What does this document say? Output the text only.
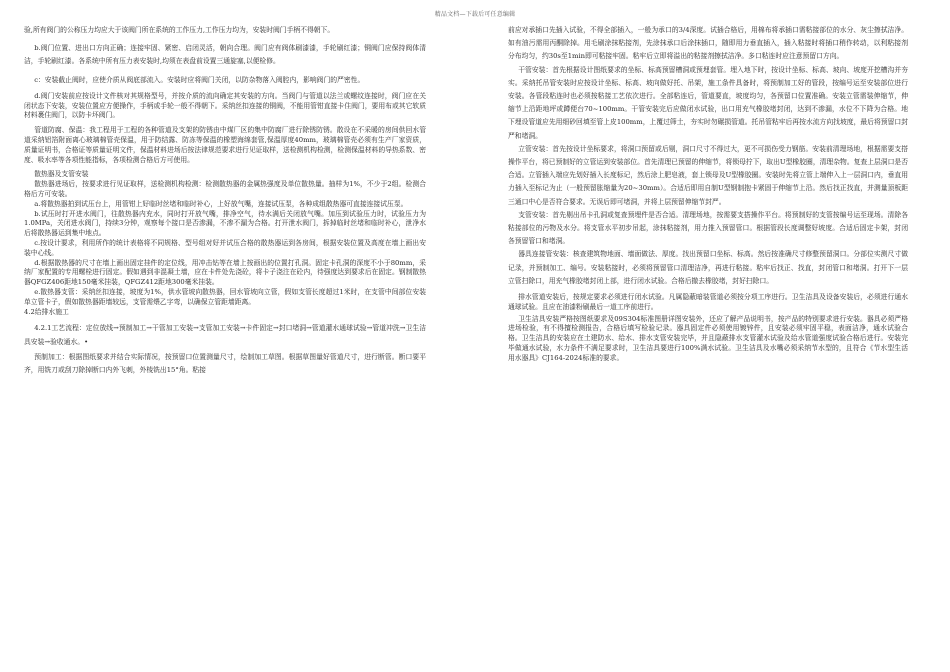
精品文档—下载后可任意编辑

验,所有阀门的公称压力均应大于该阀门所在系统的工作压力,工作压力均为，安装时阀门手柄不得朝下。

b.阀门位置、进出口方向正确；连接牢固、紧密、启闭灵活，朝向合理。阀门应有阀体刷漆漆，手轮刷红漆；铜阀门应保持阀体清洁，手轮刷红漆。各系统中所有压力表安装时,均须在表盘前设置三通旋塞,以便检修。

c：安装截止阀时，应使介质从阀底部流入。安装时应将阀门关闭，以防杂物落入阀腔内，影响阀门的严密性。

d.阀门安装前应按设计文件核对其规格型号，并按介质的流向确定其安装的方向。当阀门与管道以法兰或螺纹连接时，阀门应在关闭状态下安装，安装位置应方便操作，手柄或手轮一般不得朝下。采纳丝扣连接的铜阀，不能用管钳直接卡住阀门，要用布或其它软质材料裹住阀门，以防卡坏阀门。

管道防腐、保温：我工程用于工程的各种管道及支架的防锈由中煤厂区的集中防腐厂进行除锈防锈。散设在不采暖的房间供回水管道采纳铝箔附面离心玻璃棉管壳保温，用于防结露、防冻等保温的橡塑海绵套管,保温厚度40mm，玻璃棉管壳必须有生产厂家资质，质量证明书，合格证等质量证明文件，保温材料进场后按法律规范要求进行见证取样，送检测机构检测，检测保温材料的导热系数、密度、吸水率等各项性能指标，各项检测合格后方可使用。

散热器及支管安装

散热器进场后，按要求进行见证取样，送检测机构检测：检测散热器的金属热强度及单位散热量。抽样为1%，不少于2组。检测合格后方可安装。

a.将散热器拍到试压台上，用管钳上好临时丝堵和临时补心，上好放气嘴，连接试压泵，各种成组散热器可直接连接试压泵。

b.试压时打开进水阀门，往散热器内充水，同时打开放气嘴，排净空气，待水满后关闭放气嘴。加压到试验压力时，试验压力为1.0MPa，关闭进水阀门，持续3分钟，观察每个接口是否渗漏，不渗不漏为合格。打开泄水阀门，拆掉临时丝堵和临时补心，泄净水后将散热器运到集中地点。

c.按设计要求，利用所作的统计表格将不同规格、型号组对好并试压合格的散热器运到各房间，根据安装位置及高度在墙上画出安装中心线。

d.根据散热器的尺寸在墙上画出固定挂件的定位线，用冲击钻等在墙上按画出的位置打孔洞。固定卡孔洞的深度不小于80mm，采纳厂家配置的专用螺栓进行固定。假如遇到非混凝土墙，应在卡件处先浇砼，将卡子浇注在砼内，待强度达到要求后在固定。钢制散热器QFGZ406距地150毫米挂装，QFGZ412距地300毫米挂装。

e.散热器支管：采纳丝扣连接，坡度为1%，供水管坡向散热器，回水管坡向立管，假如支管长度超过1米时，在支管中间部位安装单立管卡子，假如散热器距墙较远，支管需煨乙字弯，以确保立管距墙距离。

4.2给排水施工

4.2.1工艺流程：定位放线→预制加工→干管加工安装→支管加工安装→卡件固定→封口堵洞→管道灌水通球试验→管道冲洗→卫生洁具安装→验收通水。•

预制加工：根据图纸要求并结合实际情况，按预留口位置测量尺寸，绘制加工草图。根据草图量好管道尺寸，进行断管。断口要平齐，用铣刀或刮刀除掉断口内外飞刺，外棱铣出15°角。粘接

前应对承插口先插入试验，不得全部插入，一般为承口的3/4深度。试插合格后，用棉布将承插口需粘接部位的水分、灰尘擦拭洁净。如有油污需用丙酮除掉。用毛刷涂抹粘接剂，先涂抹承口后涂抹插口，随即用力垂直插入，插入粘接时将插口稍作转动，以利粘接剂分布均匀，约30s至1min即可粘接牢固。粘牢后立即将溢出的粘接剂擦拭洁净。多口粘连时应注意预留口方向。

干管安装：首先根据设计图纸要求的坐标、标高预留槽洞或预埋套管。埋入地下时，按设计坐标、标高、坡向、坡度开挖槽沟并夯实。采纳托吊管安装时应按设计坐标、标高、坡向做好托、吊架，施工条件具备时，将预制加工好的管段，按编号运至安装部位进行安装。各管段粘连时也必须按粘接工艺依次进行。全部粘连后，管道要直，坡度均匀，各预留口位置准确。安装立管需装伸缩节，伸缩节上沿距地坪或蹲便台70~100mm。干管安装完后应做闭水试验，出口用充气橡胶堵封闭，达到不渗漏，水位不下降为合格。地下埋设管道应先用细砂回填至管上皮100mm，上覆过筛土，夯实时勿碾损管道。托吊管粘牢后再按水流方向找坡度，最后将预留口封严和堵洞。

立管安装：首先按设计坐标要求，将洞口预留或后剔，洞口尺寸不得过大，更不可损伤受力钢筋。安装前清理场地，根据需要支搭操作平台，将已预制好的立管运到安装部位。首先清理已预留的伸缩节，将锁母拧下，取出U型橡胶圈，清理杂物。复查上层洞口是否合适。立管插入端应先划好插入长度标记，然后涂上肥皂液，套上锁母及U型橡胶圈。安装时先将立管上端伸入上一层洞口内，垂直用力插入至标记为止（一般预留胀缩量为20~30mm）。合适后即用自制U型钢制抱卡紧固于伸缩节上沿。然后找正找直，并测量顶板距三通口中心是否符合要求。无误后即可堵洞，并将上层预留伸缩节封严。

支管安装：首先剔出吊卡孔洞或复查预埋件是否合适。清理场地，按需要支搭操作平台。将预制好的支管按编号运至现场。清除各粘接部位的污物及水分。将支管水平初步吊起，涂抹粘接剂，用力推入预留管口。根据管段长度调整好坡度。合适后固定卡架，封闭各预留管口和堵洞。

器具连接管安装：核查建筑物地面、墙面做法、厚度。找出预留口坐标、标高。然后按准确尺寸修整预留洞口。分部位实测尺寸做记录，并预制加工、编号。安装粘接时，必须将预留管口清理洁净，再进行粘接。粘牢后找正、找直，封闭管口和堵洞。打开下一层立管扫除口，用充气橡胶堵封闭上部，进行闭水试验。合格后撤去橡胶堵，封好扫除口。

排水管道安装后，按规定要求必须进行闭水试验。凡属隐蔽暗装管道必须按分项工序进行。卫生洁具及设备安装后，必须进行通水通球试验。且应在油漆粉刷最后一道工序前进行。

卫生洁具安装严格按图纸要求及09S304标准图册详图安装外，还应了解产品说明书，按产品的特别要求进行安装。器具必须严格进场检验，有不得擅检测报告，合格后填写检验记录。器具固定件必须使用镀锌件，且安装必须牢固平稳，表面洁净，通水试验合格。卫生洁具的安装应在土建防水、给水、排水支管安装完毕，并且隐蔽排水支管灌水试验及给水管道强度试验合格后进行。安装完毕做通水试验，水力条件不满足要求时，卫生洁具要进行100%满水试验。卫生洁具及水嘴必须采纳节水型的，且符合《节水型生活用水器具》CJ164-2024标准的要求。
